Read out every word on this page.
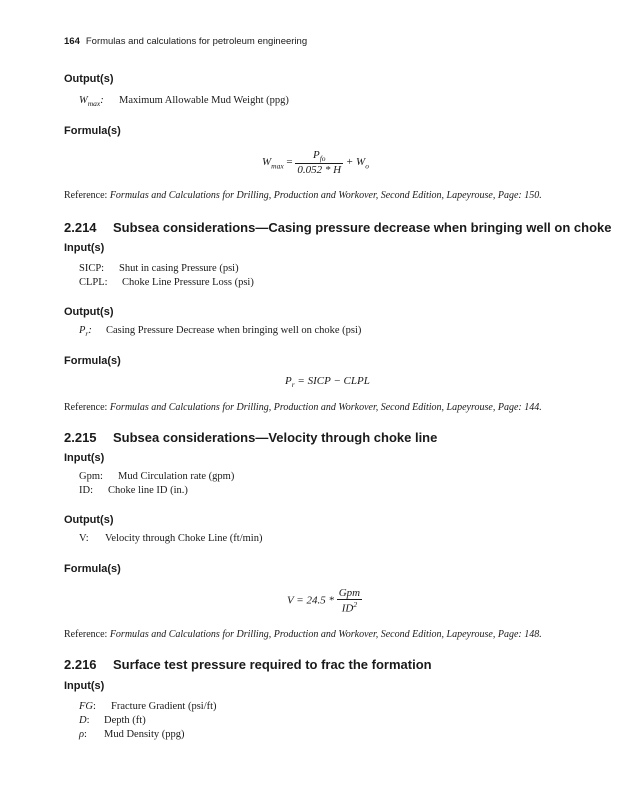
164 Formulas and calculations for petroleum engineering
Output(s)
$W_{max}$: Maximum Allowable Mud Weight (ppg)
Formula(s)
$W_{max} = \frac{P_{fo}}{0.052 * H} + W_o$
Reference: Formulas and Calculations for Drilling, Production and Workover, Second Edition, Lapeyrouse, Page: 150.
2.214 Subsea considerations—Casing pressure decrease when bringing well on choke
Input(s)
SICP: Shut in casing Pressure (psi)
CLPL: Choke Line Pressure Loss (psi)
Output(s)
$P_r$: Casing Pressure Decrease when bringing well on choke (psi)
Formula(s)
$P_r$ = SICP − CLPL
Reference: Formulas and Calculations for Drilling, Production and Workover, Second Edition, Lapeyrouse, Page: 144.
2.215 Subsea considerations—Velocity through choke line
Input(s)
Gpm: Mud Circulation rate (gpm)
ID: Choke line ID (in.)
Output(s)
V: Velocity through Choke Line (ft/min)
Formula(s)
$V = 24.5 * \frac{\text{Gpm}}{ID^2}$
Reference: Formulas and Calculations for Drilling, Production and Workover, Second Edition, Lapeyrouse, Page: 148.
2.216 Surface test pressure required to frac the formation
Input(s)
FG: Fracture Gradient (psi/ft)
D: Depth (ft)
ρ: Mud Density (ppg)
